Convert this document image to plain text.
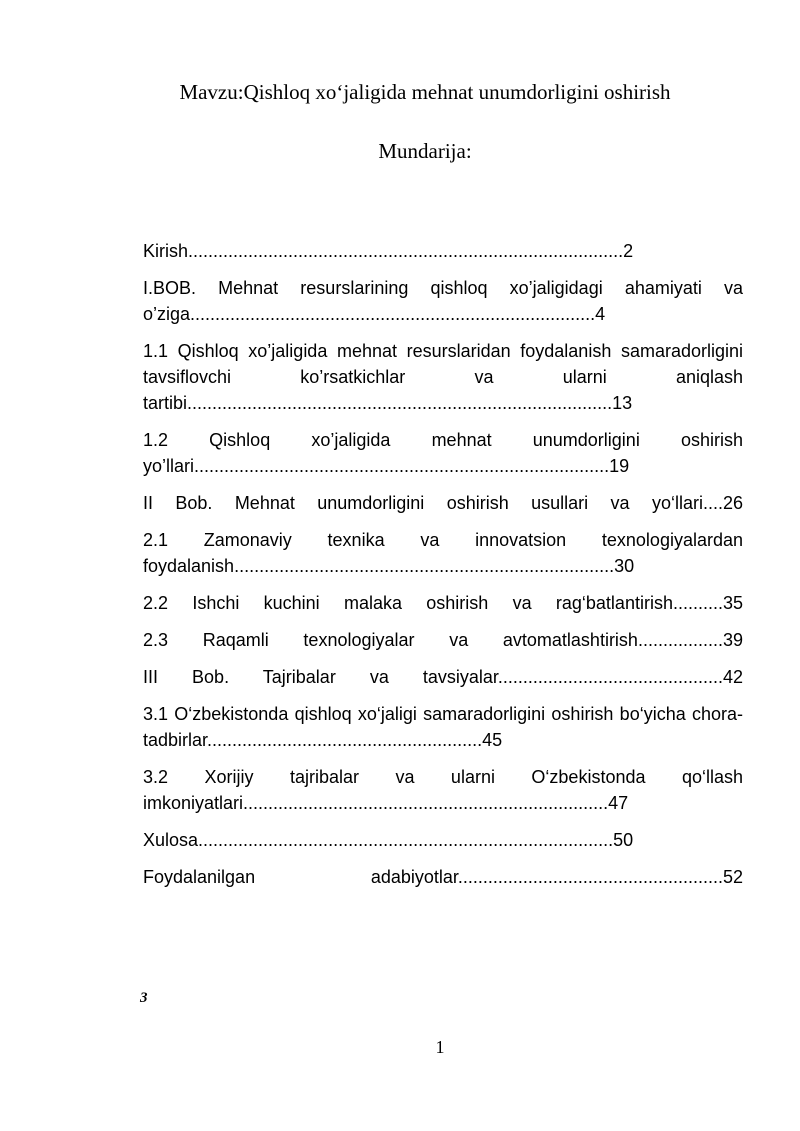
Mavzu:Qishloq xo‘jaligida mehnat unumdorligini oshirish
Mundarija:
Kirish.......................................................................................2
I.BOB. Mehnat resurslarining qishloq xo’jaligidagi ahamiyati va o’ziga.................................................................................4
1.1 Qishloq xo’jaligida mehnat resurslaridan foydalanish samaradorligini tavsiflovchi ko’rsatkichlar va ularni aniqlash tartibi.....................................................................................13
1.2 Qishloq xo’jaligida mehnat unumdorligini oshirish yo’llari...................................................................................19
II Bob. Mehnat unumdorligini oshirish usullari va yo‘llari....26
2.1 Zamonaviy texnika va innovatsion texnologiyalardan foydalanish............................................................................30
2.2 Ishchi kuchini malaka oshirish va rag‘batlantirish..........35
2.3 Raqamli texnologiyalar va avtomatlashtirish.................39
III Bob. Tajribalar va tavsiyalar.............................................42
3.1 O‘zbekistonda qishloq xo‘jaligi samaradorligini oshirish bo‘yicha chora-tadbirlar.......................................................45
3.2 Xorijiy tajribalar va ularni O‘zbekistonda qo‘llash imkoniyatlari.........................................................................47
Xulosa...................................................................................50
Foydalanilgan adabiyotlar.....................................................52
3
1
